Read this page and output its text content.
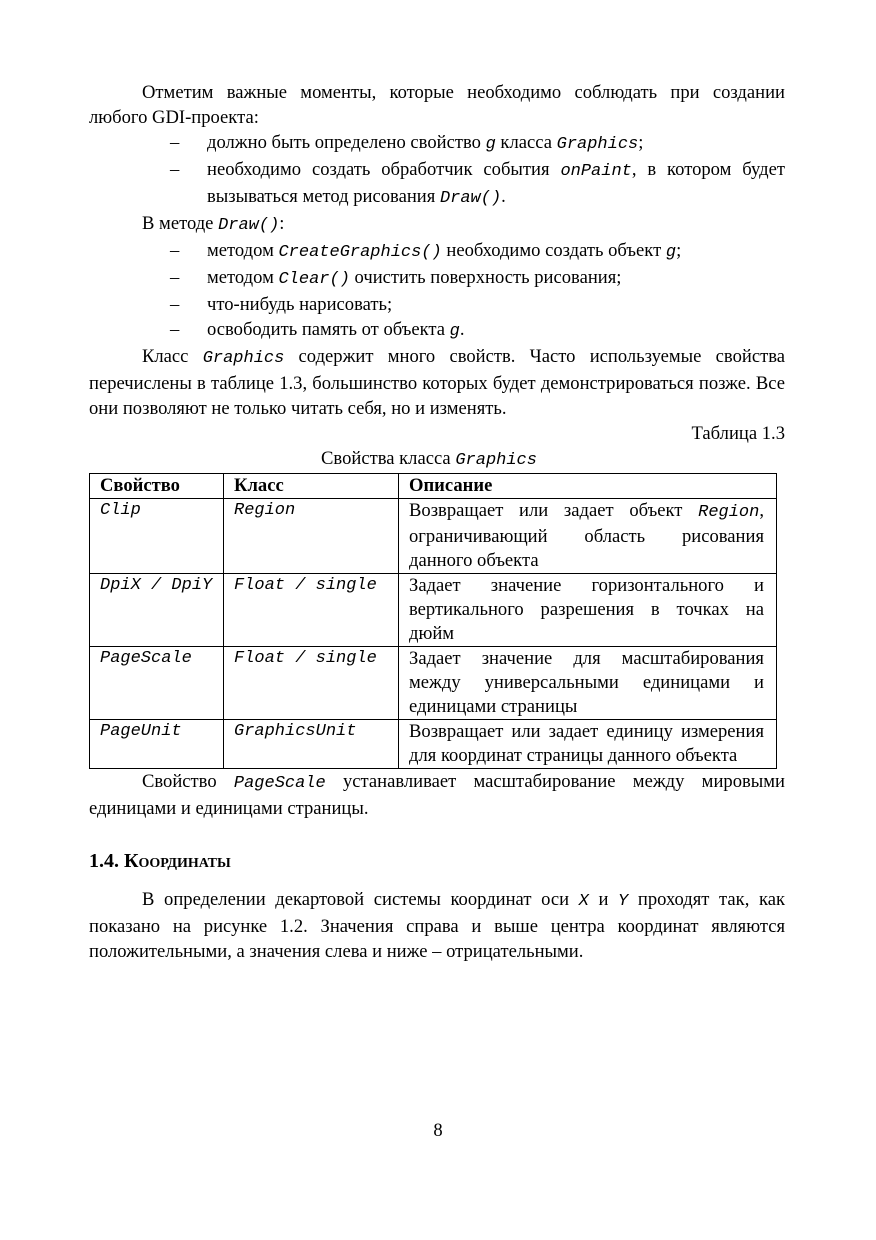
Отметим важные моменты, которые необходимо соблюдать при создании любого GDI-проекта:

– должно быть определено свойство g класса Graphics;
– необходимо создать обработчик события onPaint, в котором будет вызываться метод рисования Draw().

В методе Draw():

– методом CreateGraphics() необходимо создать объект g;
– методом Clear() очистить поверхность рисования;
– что-нибудь нарисовать;
– освободить память от объекта g.

Класс Graphics содержит много свойств. Часто используемые свойства перечислены в таблице 1.3, большинство которых будет демонстрироваться позже. Все они позволяют не только читать себя, но и изменять.

Таблица 1.3

Свойства класса Graphics

Свойство	Класс	Описание
Clip	Region	Возвращает или задает объект Region, ограничивающий область рисования данного объекта
DpiX / DpiY	Float / single	Задает значение горизонтального и вертикального разрешения в точках на дюйм
PageScale	Float / single	Задает значение для масштабирования между универсальными единицами и единицами страницы
PageUnit	GraphicsUnit	Возвращает или задает единицу измерения для координат страницы данного объекта

Свойство PageScale устанавливает масштабирование между мировыми единицами и единицами страницы.

1.4. Координаты

В определении декартовой системы координат оси X и Y проходят так, как показано на рисунке 1.2. Значения справа и выше центра координат являются положительными, а значения слева и ниже – отрицательными.

8
